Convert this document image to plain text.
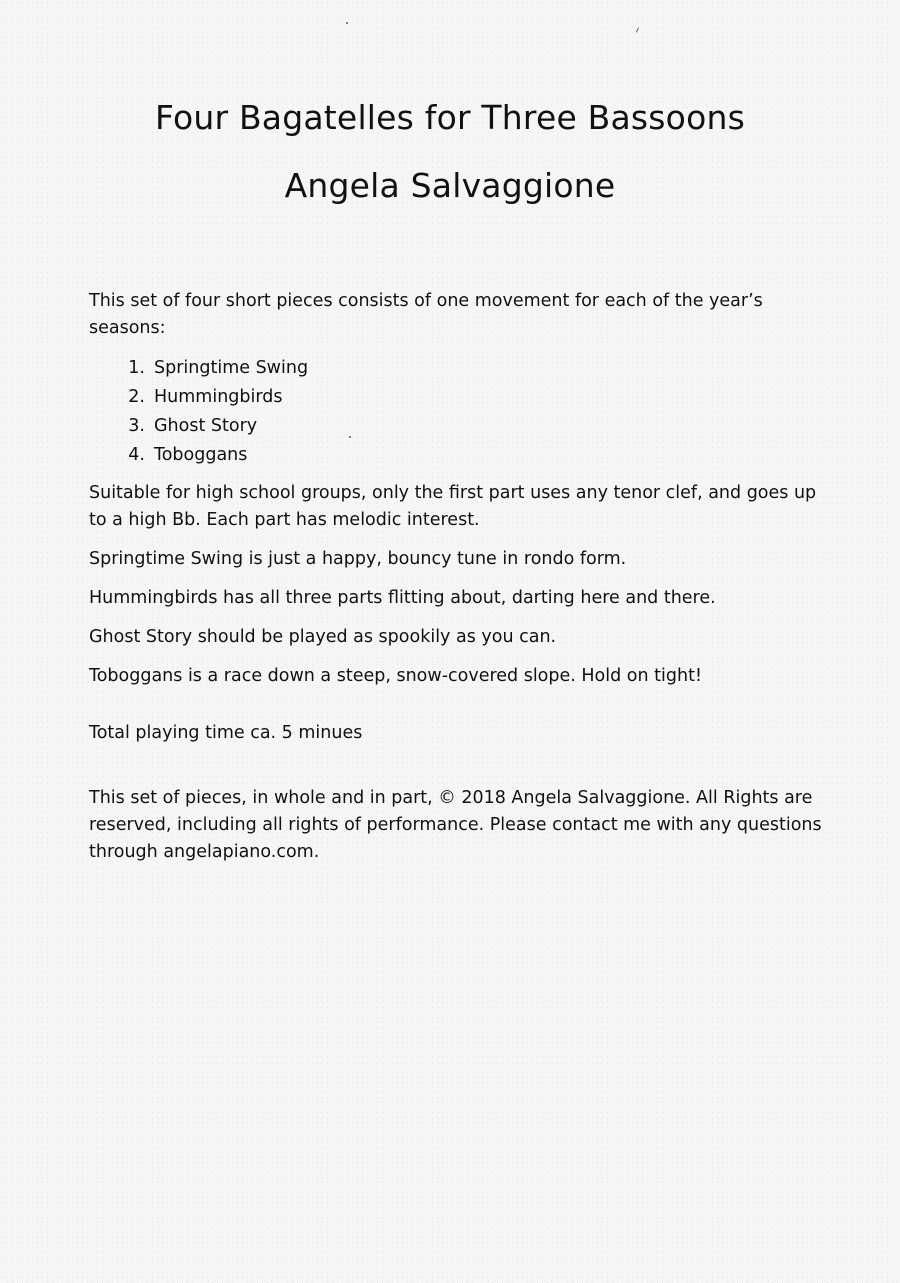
Four Bagatelles for Three Bassoons
Angela Salvaggione

This set of four short pieces consists of one movement for each of the year’s seasons:

1. Springtime Swing
2. Hummingbirds
3. Ghost Story
4. Toboggans

Suitable for high school groups, only the first part uses any tenor clef, and goes up to a high Bb. Each part has melodic interest.

Springtime Swing is just a happy, bouncy tune in rondo form.

Hummingbirds has all three parts flitting about, darting here and there.

Ghost Story should be played as spookily as you can.

Toboggans is a race down a steep, snow-covered slope. Hold on tight!

Total playing time ca. 5 minues

This set of pieces, in whole and in part, © 2018 Angela Salvaggione. All Rights are reserved, including all rights of performance. Please contact me with any questions through angelapiano.com.
